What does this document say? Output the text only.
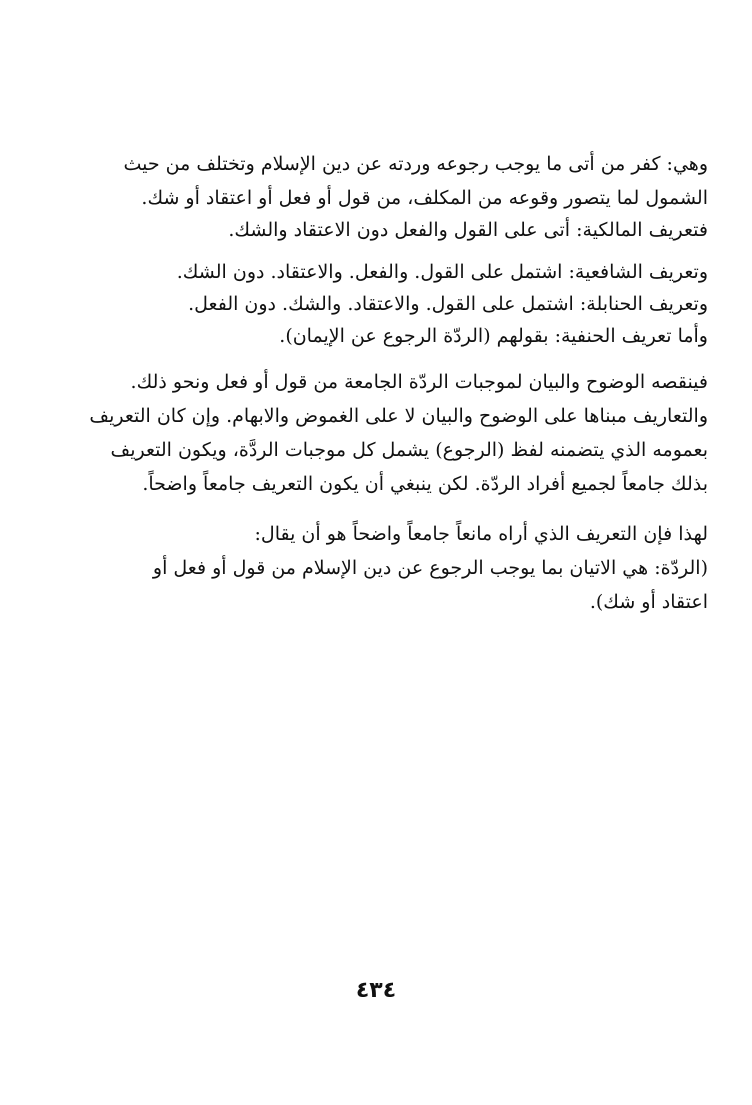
وهي: كفر من أتى ما يوجب رجوعه وردته عن دين الإسلام وتختلف من حيث
الشمول لما يتصور وقوعه من المكلف، من قول أو فعل أو اعتقاد أو شك.
فتعريف المالكية: أتى على القول والفعل دون الاعتقاد والشك.
وتعريف الشافعية: اشتمل على القول. والفعل. والاعتقاد. دون الشك.
وتعريف الحنابلة: اشتمل على القول. والاعتقاد. والشك. دون الفعل.
وأما تعريف الحنفية: بقولهم (الردّة الرجوع عن الإيمان).
فينقصه الوضوح والبيان لموجبات الردّة الجامعة من قول أو فعل ونحو ذلك.
والتعاريف مبناها على الوضوح والبيان لا على الغموض والابهام. وإن كان التعريف
بعمومه الذي يتضمنه لفظ (الرجوع) يشمل كل موجبات الردَّة، ويكون التعريف
بذلك جامعاً لجميع أفراد الردّة. لكن ينبغي أن يكون التعريف جامعاً واضحاً.
لهذا فإن التعريف الذي أراه مانعاً جامعاً واضحاً هو أن يقال:
(الردّة: هي الاتيان بما يوجب الرجوع عن دين الإسلام من قول أو فعل أو
اعتقاد أو شك).
٤٣٤
